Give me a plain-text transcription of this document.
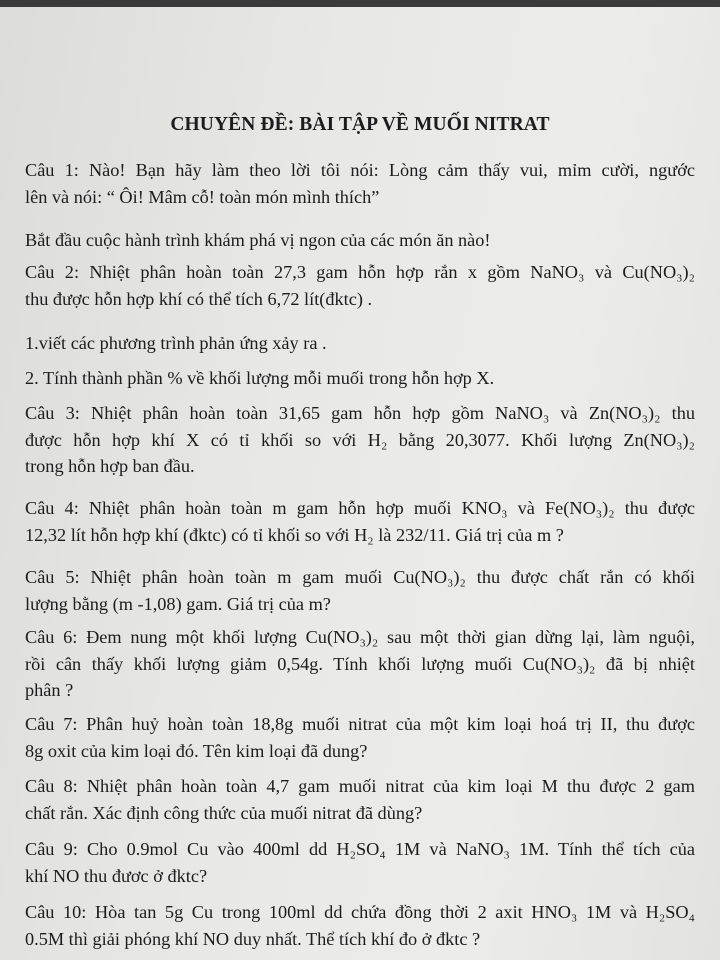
CHUYÊN ĐỀ: BÀI TẬP VỀ MUỐI NITRAT
Câu 1: Nào! Bạn hãy làm theo lời tôi nói: Lòng cảm thấy vui, mỉm cười, ngước
lên và nói: “ Ôi! Mâm cỗ! toàn món mình thích”
Bắt đầu cuộc hành trình khám phá vị ngon của các món ăn nào!
Câu 2: Nhiệt phân hoàn toàn 27,3 gam hỗn hợp rắn x gồm NaNO₃ và Cu(NO₃)₂
thu được hỗn hợp khí có thể tích 6,72 lít(đktc) .
1.viết các phương trình phản ứng xảy ra .
2. Tính thành phần % về khối lượng mỗi muối trong hỗn hợp X.
Câu 3: Nhiệt phân hoàn toàn 31,65 gam hỗn hợp gồm NaNO₃ và Zn(NO₃)₂ thu
được hỗn hợp khí X có tỉ khối so với H₂ bằng 20,3077. Khối lượng Zn(NO₃)₂
trong hỗn hợp ban đầu.
Câu 4: Nhiệt phân hoàn toàn m gam hỗn hợp muối KNO₃ và Fe(NO₃)₂ thu được
12,32 lít hỗn hợp khí (đktc) có tỉ khối so với H₂ là 232/11. Giá trị của m ?
Câu 5: Nhiệt phân hoàn toàn m gam muối Cu(NO₃)₂ thu được chất rắn có khối
lượng bằng (m -1,08) gam. Giá trị của m?
Câu 6: Đem nung một khối lượng Cu(NO₃)₂ sau một thời gian dừng lại, làm nguội,
rồi cân thấy khối lượng giảm 0,54g. Tính khối lượng muối Cu(NO₃)₂ đã bị nhiệt
phân ?
Câu 7: Phân huỷ hoàn toàn 18,8g muối nitrat của một kim loại hoá trị II, thu được
8g oxit của kim loại đó. Tên kim loại đã dung?
Câu 8: Nhiệt phân hoàn toàn 4,7 gam muối nitrat của kim loại M thu được 2 gam
chất rắn. Xác định công thức của muối nitrat đã dùng?
Câu 9: Cho 0.9mol Cu vào 400ml dd H₂SO₄ 1M và NaNO₃ 1M. Tính thể tích của
khí NO thu đươc ở đktc?
Câu 10: Hòa tan 5g Cu trong 100ml dd chứa đồng thời 2 axit HNO₃ 1M và H₂SO₄
0.5M thì giải phóng khí NO duy nhất. Thể tích khí đo ở đktc ?
